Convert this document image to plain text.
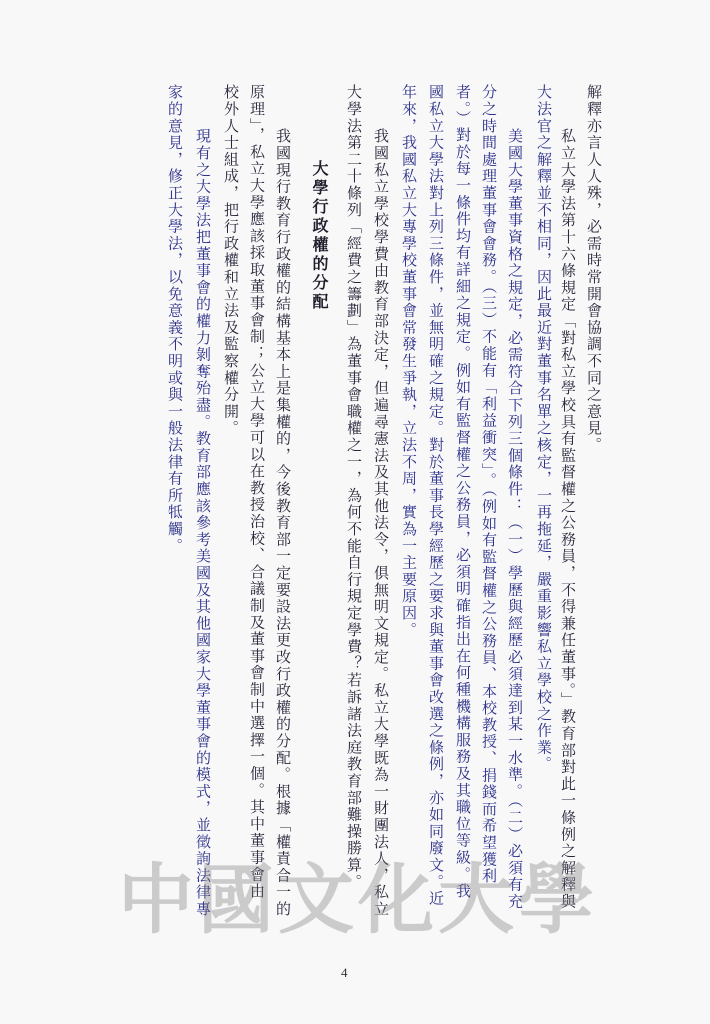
解釋亦言人人殊，必需時常開會協調不同之意見。
私立大學法第十六條規定「對私立學校具有監督權之公務員，不得兼任董事。」教育部對此一條例之解釋與
大法官之解釋並不相同，因此最近對董事名單之核定，一再拖延，嚴重影響私立學校之作業。
美國大學董事資格之規定，必需符合下列三個條件：（一）學歷與經歷必須達到某一水準。（二）必須有充
分之時間處理董事會會務。（三）不能有「利益衝突」。（例如有監督權之公務員、本校教授、捐錢而希望獲利
者。）對於每一條件均有詳細之規定。例如有監督權之公務員，必須明確指出在何種機構服務及其職位等級。我
國私立大學法對上列三條件，並無明確之規定。對於董事長學經歷之要求與董事會改選之條例，亦如同廢文。近
年來，我國私立大專學校董事會常發生爭執，立法不周，實為一主要原因。
我國私立學校學費由教育部決定，但遍尋憲法及其他法令，俱無明文規定。私立大學既為一財團法人，私立
大學法第二十條列「經費之籌劃」為董事會職權之一，為何不能自行規定學費？若訴諸法庭教育部難操勝算。
大學行政權的分配
我國現行教育行政權的結構基本上是集權的，今後教育部一定要設法更改行政權的分配。根據「權責合一的
原理」，私立大學應該採取董事會制；公立大學可以在教授治校、合議制及董事會制中選擇一個。其中董事會由
校外人士組成，把行政權和立法及監察權分開。
現有之大學法把董事會的權力剝奪殆盡。教育部應該參考美國及其他國家大學董事會的模式，並徵詢法律專
家的意見，修正大學法，以免意義不明或與一般法律有所牴觸。
中國文化大學
4
